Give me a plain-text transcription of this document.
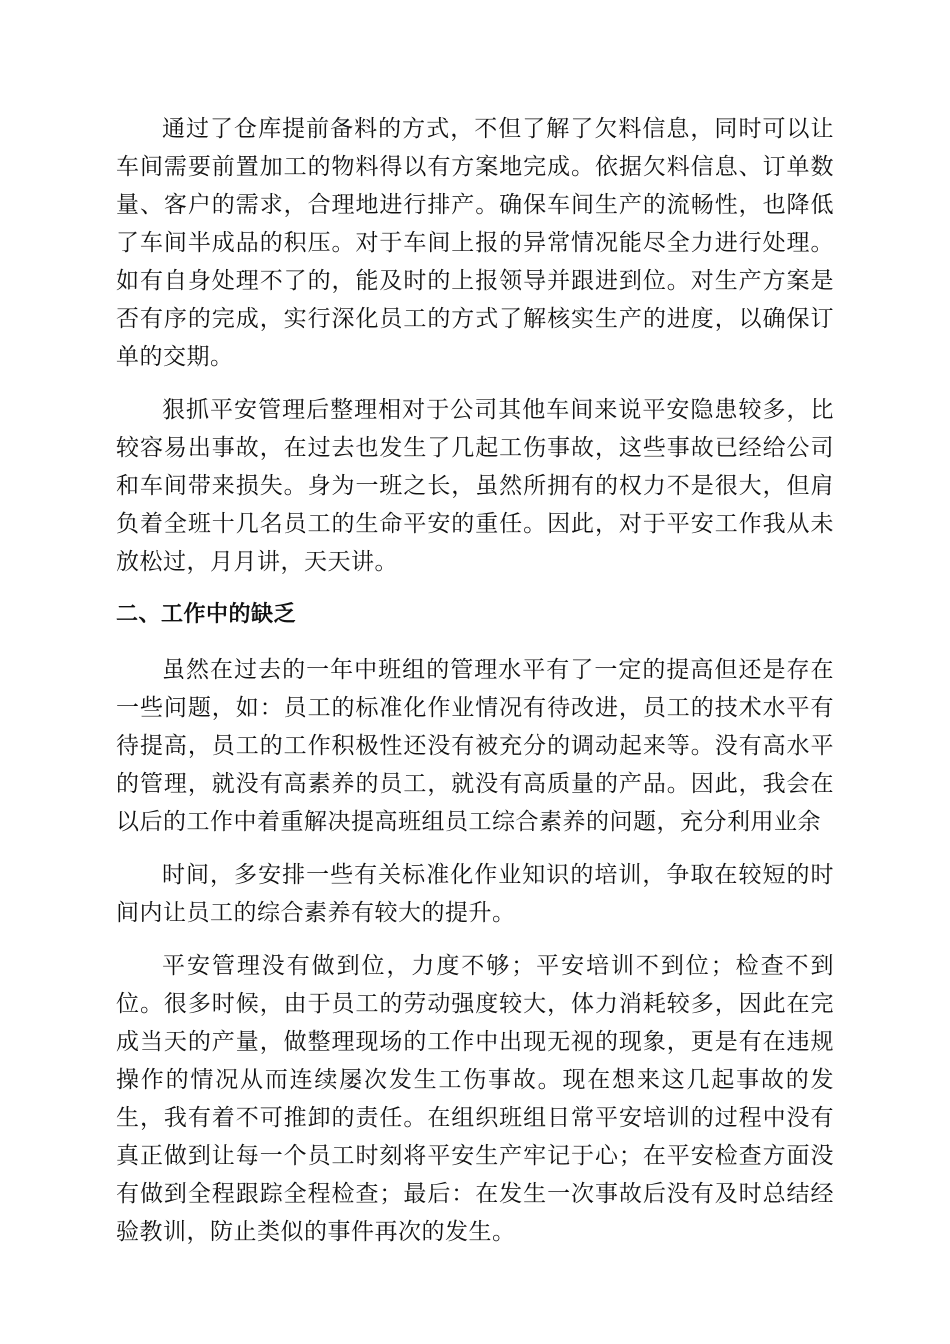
通过了仓库提前备料的方式，不但了解了欠料信息，同时可以让车间需要前置加工的物料得以有方案地完成。依据欠料信息、订单数量、客户的需求，合理地进行排产。确保车间生产的流畅性，也降低了车间半成品的积压。对于车间上报的异常情况能尽全力进行处理。如有自身处理不了的，能及时的上报领导并跟进到位。对生产方案是否有序的完成，实行深化员工的方式了解核实生产的进度，以确保订单的交期。

狠抓平安管理后整理相对于公司其他车间来说平安隐患较多，比较容易出事故，在过去也发生了几起工伤事故，这些事故已经给公司和车间带来损失。身为一班之长，虽然所拥有的权力不是很大，但肩负着全班十几名员工的生命平安的重任。因此，对于平安工作我从未放松过，月月讲，天天讲。

二、工作中的缺乏

虽然在过去的一年中班组的管理水平有了一定的提高但还是存在一些问题，如：员工的标准化作业情况有待改进，员工的技术水平有待提高，员工的工作积极性还没有被充分的调动起来等。没有高水平的管理，就没有高素养的员工，就没有高质量的产品。因此，我会在以后的工作中着重解决提高班组员工综合素养的问题，充分利用业余

时间，多安排一些有关标准化作业知识的培训，争取在较短的时间内让员工的综合素养有较大的提升。

平安管理没有做到位，力度不够；平安培训不到位；检查不到位。很多时候，由于员工的劳动强度较大，体力消耗较多，因此在完成当天的产量，做整理现场的工作中出现无视的现象，更是有在违规操作的情况从而连续屡次发生工伤事故。现在想来这几起事故的发生，我有着不可推卸的责任。在组织班组日常平安培训的过程中没有真正做到让每一个员工时刻将平安生产牢记于心；在平安检查方面没有做到全程跟踪全程检查；最后：在发生一次事故后没有及时总结经验教训，防止类似的事件再次的发生。
